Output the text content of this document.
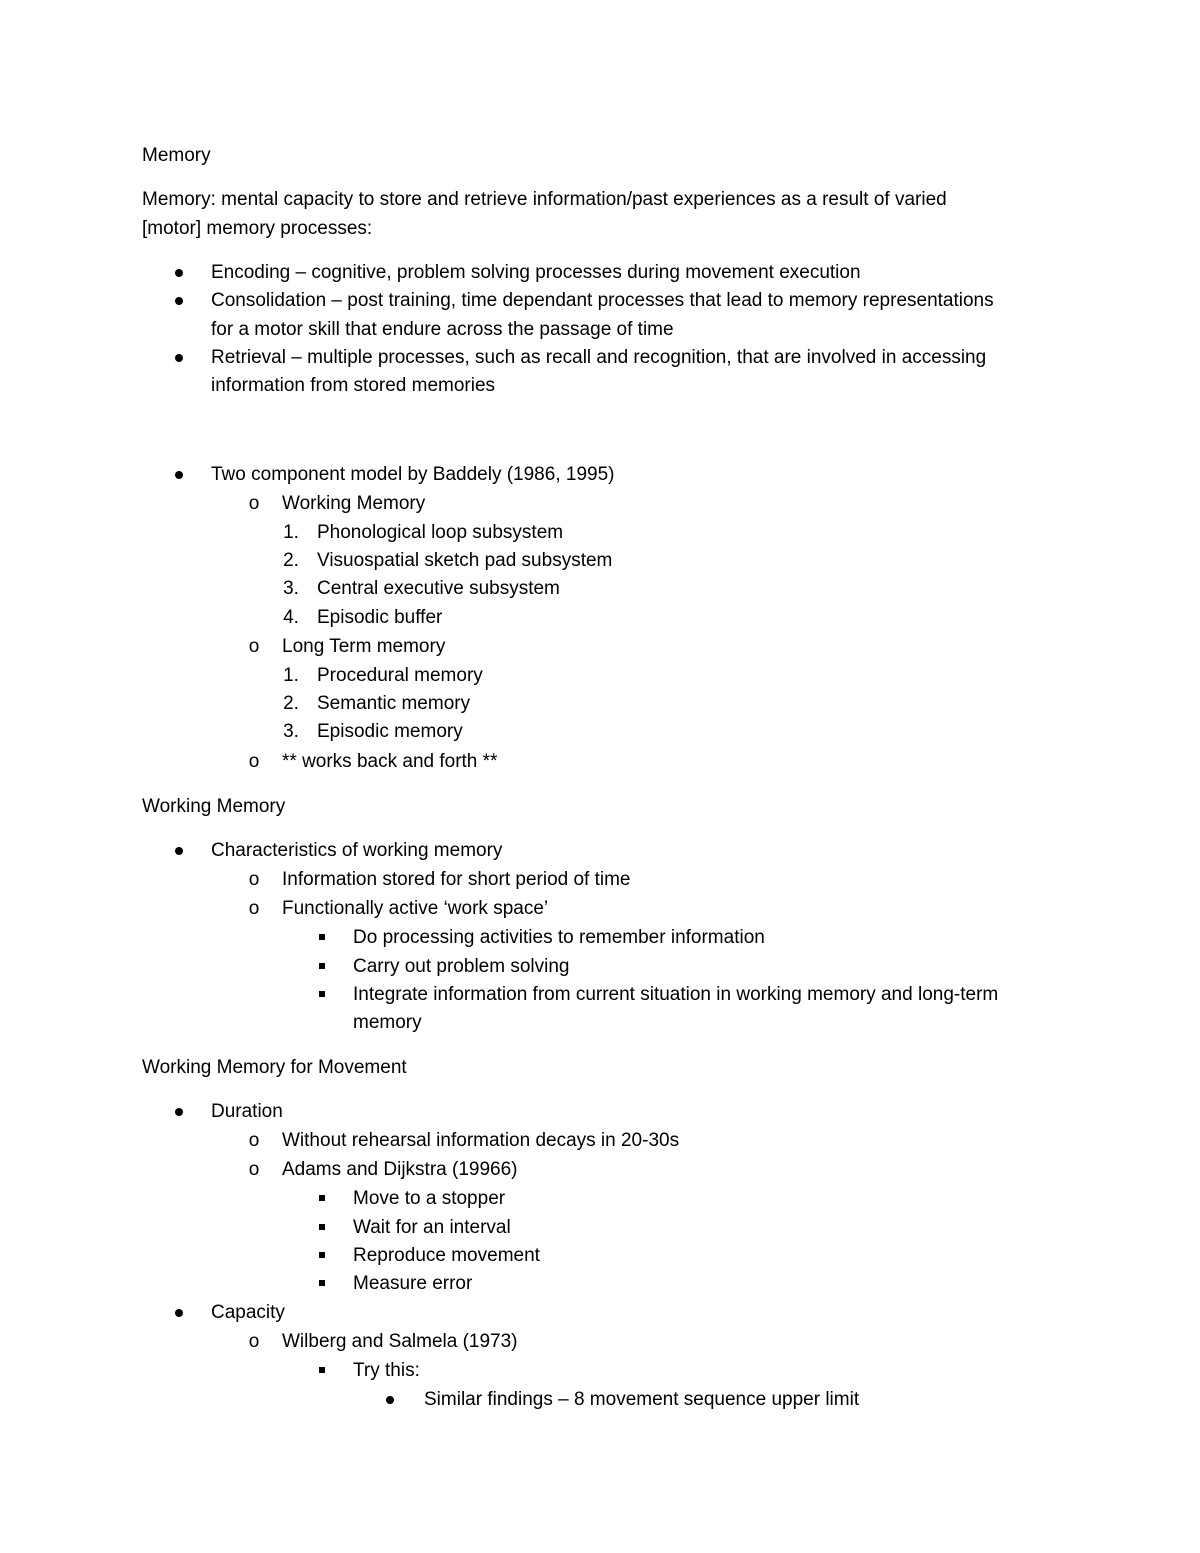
Memory
Memory: mental capacity to store and retrieve information/past experiences as a result of varied
[motor] memory processes:
Encoding – cognitive, problem solving processes during movement execution
Consolidation – post training, time dependant processes that lead to memory representations
for a motor skill that endure across the passage of time
Retrieval – multiple processes, such as recall and recognition, that are involved in accessing
information from stored memories
Two component model by Baddely (1986, 1995)
o Working Memory
1. Phonological loop subsystem
2. Visuospatial sketch pad subsystem
3. Central executive subsystem
4. Episodic buffer
o Long Term memory
1. Procedural memory
2. Semantic memory
3. Episodic memory
o ** works back and forth **
Working Memory
Characteristics of working memory
o Information stored for short period of time
o Functionally active ‘work space’
Do processing activities to remember information
Carry out problem solving
Integrate information from current situation in working memory and long-term
memory
Working Memory for Movement
Duration
o Without rehearsal information decays in 20-30s
o Adams and Dijkstra (19966)
Move to a stopper
Wait for an interval
Reproduce movement
Measure error
Capacity
o Wilberg and Salmela (1973)
Try this:
Similar findings – 8 movement sequence upper limit
